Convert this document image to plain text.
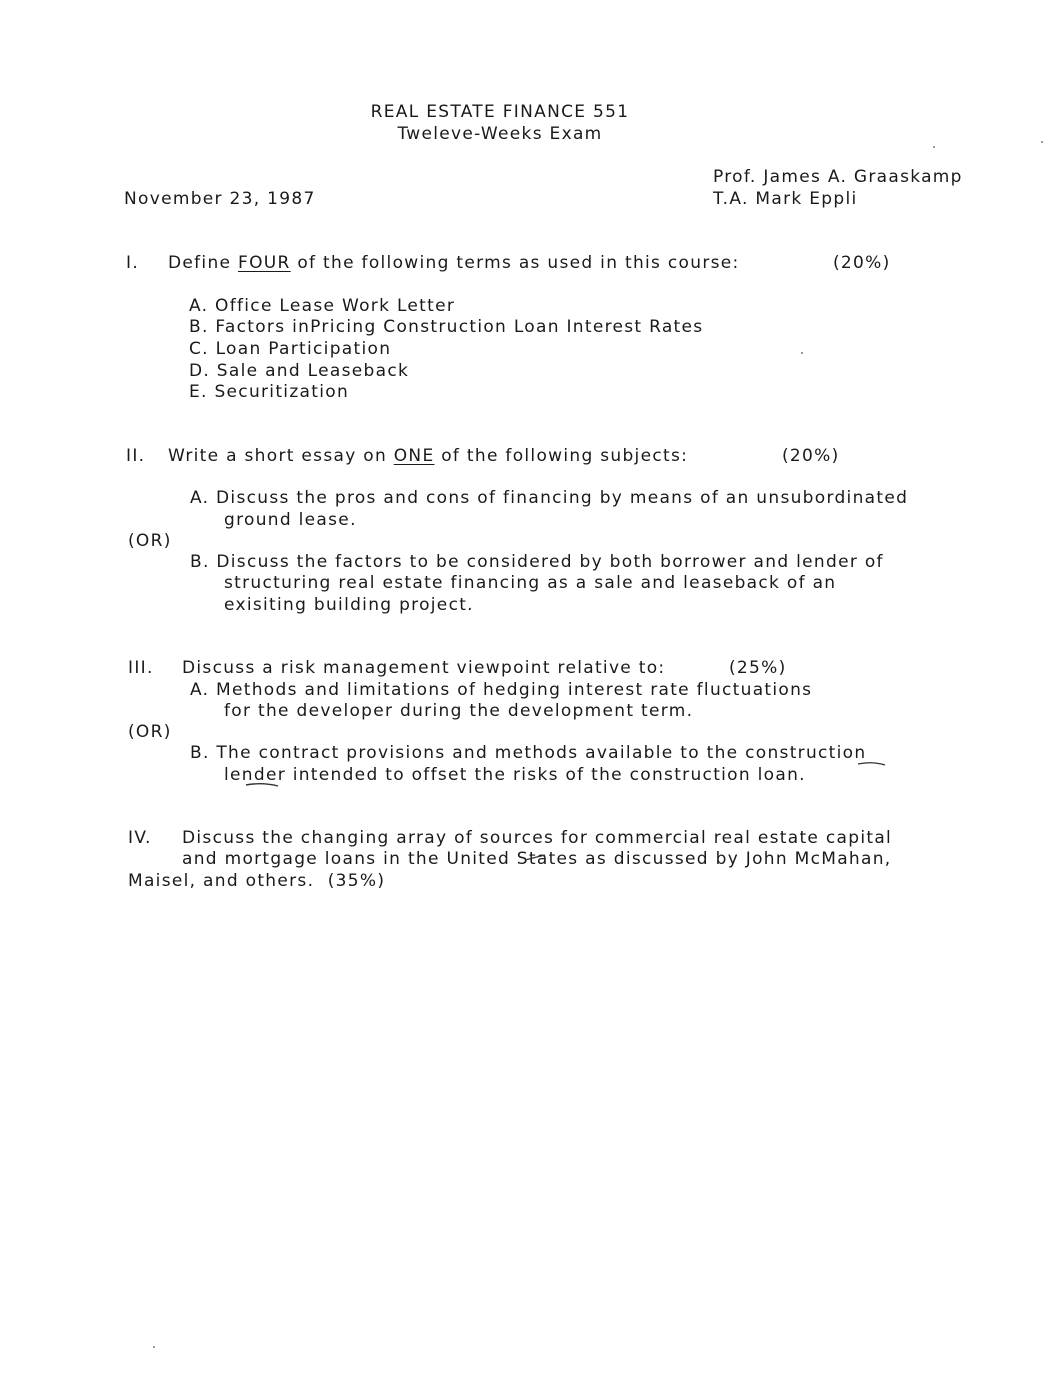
REAL ESTATE FINANCE 551
Tweleve-Weeks Exam
Prof. James A. Graaskamp
November 23, 1987	T.A. Mark Eppli
I. Define FOUR of the following terms as used in this course:	(20%)
A. Office Lease Work Letter
B. Factors inPricing Construction Loan Interest Rates
C. Loan Participation
D. Sale and Leaseback
E. Securitization
II. Write a short essay on ONE of the following subjects:	(20%)
A. Discuss the pros and cons of financing by means of an unsubordinated
ground lease.
(OR)
B. Discuss the factors to be considered by both borrower and lender of
structuring real estate financing as a sale and leaseback of an
exisiting building project.
III. Discuss a risk management viewpoint relative to:	(25%)
A. Methods and limitations of hedging interest rate fluctuations
for the developer during the development term.
(OR)
B. The contract provisions and methods available to the construction
lender intended to offset the risks of the construction loan.
IV. Discuss the changing array of sources for commercial real estate capital
and mortgage loans in the United States as discussed by John McMahan,
Maisel, and others. (35%)
